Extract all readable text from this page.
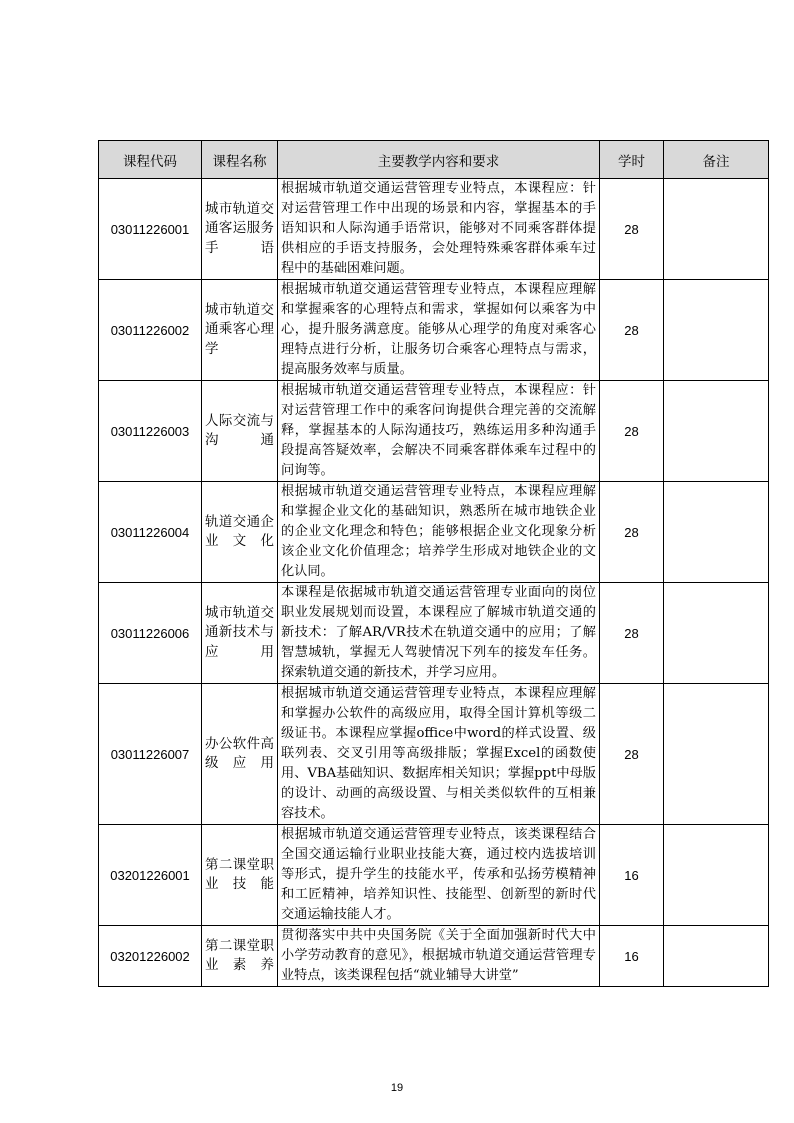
课程代码	课程名称	主要教学内容和要求	学时	备注
03011226001	城市轨道交通客运服务手语	根据城市轨道交通运营管理专业特点，本课程应：针对运营管理工作中出现的场景和内容，掌握基本的手语知识和人际沟通手语常识，能够对不同乘客群体提供相应的手语支持服务，会处理特殊乘客群体乘车过程中的基础困难问题。	28	
03011226002	城市轨道交通乘客心理学	根据城市轨道交通运营管理专业特点，本课程应理解和掌握乘客的心理特点和需求，掌握如何以乘客为中心，提升服务满意度。能够从心理学的角度对乘客心理特点进行分析，让服务切合乘客心理特点与需求，提高服务效率与质量。	28	
03011226003	人际交流与沟通	根据城市轨道交通运营管理专业特点，本课程应：针对运营管理工作中的乘客问询提供合理完善的交流解释，掌握基本的人际沟通技巧，熟练运用多种沟通手段提高答疑效率，会解决不同乘客群体乘车过程中的问询等。	28	
03011226004	轨道交通企业文化	根据城市轨道交通运营管理专业特点，本课程应理解和掌握企业文化的基础知识，熟悉所在城市地铁企业的企业文化理念和特色；能够根据企业文化现象分析该企业文化价值理念；培养学生形成对地铁企业的文化认同。	28	
03011226006	城市轨道交通新技术与应用	本课程是依据城市轨道交通运营管理专业面向的岗位职业发展规划而设置，本课程应了解城市轨道交通的新技术：了解AR/VR技术在轨道交通中的应用；了解智慧城轨，掌握无人驾驶情况下列车的接发车任务。探索轨道交通的新技术，并学习应用。	28	
03011226007	办公软件高级应用	根据城市轨道交通运营管理专业特点，本课程应理解和掌握办公软件的高级应用，取得全国计算机等级二级证书。本课程应掌握office中word的样式设置、级联列表、交叉引用等高级排版；掌握Excel的函数使用、VBA基础知识、数据库相关知识；掌握ppt中母版的设计、动画的高级设置、与相关类似软件的互相兼容技术。	28	
03201226001	第二课堂职业技能	根据城市轨道交通运营管理专业特点，该类课程结合全国交通运输行业职业技能大赛，通过校内选拔培训等形式，提升学生的技能水平，传承和弘扬劳模精神和工匠精神，培养知识性、技能型、创新型的新时代交通运输技能人才。	16	
03201226002	第二课堂职业素养	贯彻落实中共中央国务院《关于全面加强新时代大中小学劳动教育的意见》，根据城市轨道交通运营管理专业特点，该类课程包括“就业辅导大讲堂”	16	
19
